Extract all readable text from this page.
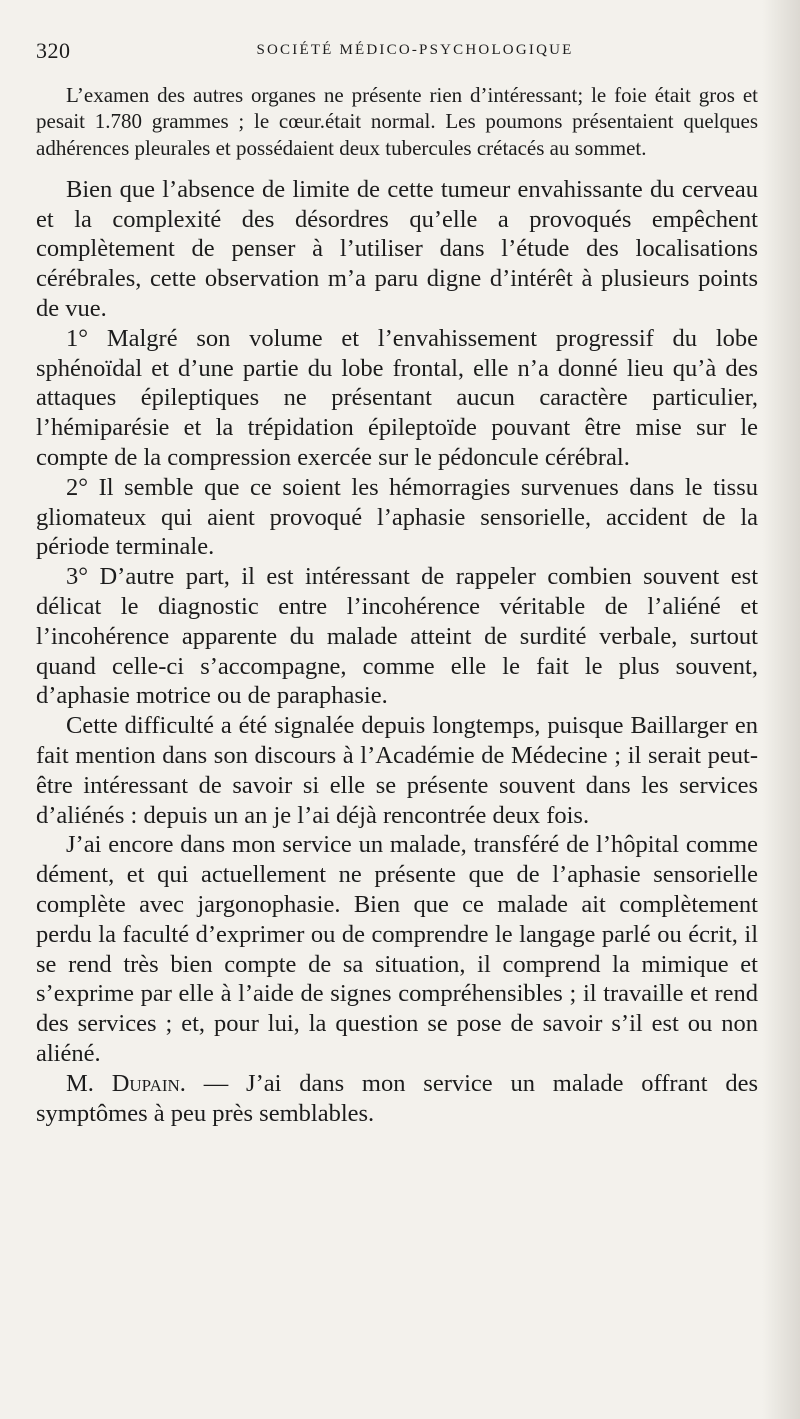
320	SOCIÉTÉ MÉDICO-PSYCHOLOGIQUE

L’examen des autres organes ne présente rien d’intéressant; le foie était gros et pesait 1.780 grammes ; le cœur.était normal. Les poumons présentaient quelques adhérences pleurales et possédaient deux tubercules crétacés au sommet.

Bien que l’absence de limite de cette tumeur envahissante du cerveau et la complexité des désordres qu’elle a provoqués empêchent complètement de penser à l’utiliser dans l’étude des localisations cérébrales, cette observation m’a paru digne d’intérêt à plusieurs points de vue.

1° Malgré son volume et l’envahissement progressif du lobe sphénoïdal et d’une partie du lobe frontal, elle n’a donné lieu qu’à des attaques épileptiques ne présentant aucun caractère particulier, l’hémiparésie et la trépidation épileptoïde pouvant être mise sur le compte de la compression exercée sur le pédoncule cérébral.

2° Il semble que ce soient les hémorragies survenues dans le tissu gliomateux qui aient provoqué l’aphasie sensorielle, accident de la période terminale.

3° D’autre part, il est intéressant de rappeler combien souvent est délicat le diagnostic entre l’incohérence véritable de l’aliéné et l’incohérence apparente du malade atteint de surdité verbale, surtout quand celle-ci s’accompagne, comme elle le fait le plus souvent, d’aphasie motrice ou de paraphasie.

Cette difficulté a été signalée depuis longtemps, puisque Baillarger en fait mention dans son discours à l’Académie de Médecine ; il serait peut-être intéressant de savoir si elle se présente souvent dans les services d’aliénés : depuis un an je l’ai déjà rencontrée deux fois.

J’ai encore dans mon service un malade, transféré de l’hôpital comme dément, et qui actuellement ne présente que de l’aphasie sensorielle complète avec jargonophasie. Bien que ce malade ait complètement perdu la faculté d’exprimer ou de comprendre le langage parlé ou écrit, il se rend très bien compte de sa situation, il comprend la mimique et s’exprime par elle à l’aide de signes compréhensibles ; il travaille et rend des services ; et, pour lui, la question se pose de savoir s’il est ou non aliéné.

M. Dupain. — J’ai dans mon service un malade offrant des symptômes à peu près semblables.
